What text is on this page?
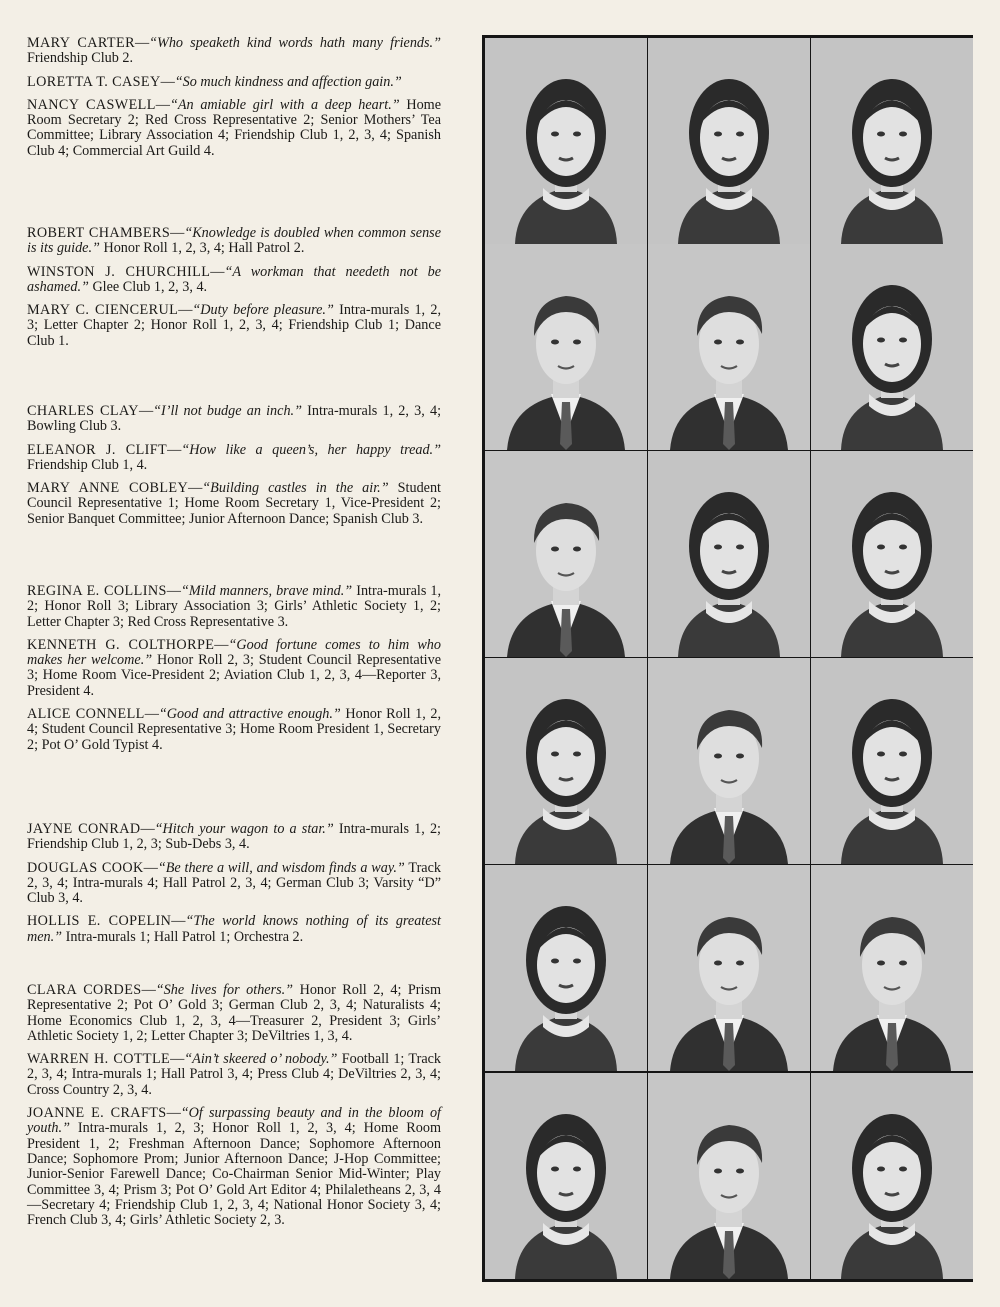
MARY CARTER—“Who speaketh kind words hath many friends.” Friendship Club 2.

LORETTA T. CASEY—“So much kindness and affection gain.”

NANCY CASWELL—“An amiable girl with a deep heart.” Home Room Secretary 2; Red Cross Representative 2; Senior Mothers’ Tea Committee; Library Association 4; Friendship Club 1, 2, 3, 4; Spanish Club 4; Commercial Art Guild 4.

ROBERT CHAMBERS—“Knowledge is doubled when common sense is its guide.” Honor Roll 1, 2, 3, 4; Hall Patrol 2.

WINSTON J. CHURCHILL—“A workman that needeth not be ashamed.” Glee Club 1, 2, 3, 4.

MARY C. CIENCERUL—“Duty before pleasure.” Intra-murals 1, 2, 3; Letter Chapter 2; Honor Roll 1, 2, 3, 4; Friendship Club 1; Dance Club 1.

CHARLES CLAY—“I’ll not budge an inch.” Intra-murals 1, 2, 3, 4; Bowling Club 3.

ELEANOR J. CLIFT—“How like a queen’s, her happy tread.” Friendship Club 1, 4.

MARY ANNE COBLEY—“Building castles in the air.” Student Council Representative 1; Home Room Secretary 1, Vice-President 2; Senior Banquet Committee; Junior Afternoon Dance; Spanish Club 3.

REGINA E. COLLINS—“Mild manners, brave mind.” Intra-murals 1, 2; Honor Roll 3; Library Association 3; Girls’ Athletic Society 1, 2; Letter Chapter 3; Red Cross Representative 3.

KENNETH G. COLTHORPE—“Good fortune comes to him who makes her welcome.” Honor Roll 2, 3; Student Council Representative 3; Home Room Vice-President 2; Aviation Club 1, 2, 3, 4—Reporter 3, President 4.

ALICE CONNELL—“Good and attractive enough.” Honor Roll 1, 2, 4; Student Council Representative 3; Home Room President 1, Secretary 2; Pot O’ Gold Typist 4.

JAYNE CONRAD—“Hitch your wagon to a star.” Intra-murals 1, 2; Friendship Club 1, 2, 3; Sub-Debs 3, 4.

DOUGLAS COOK—“Be there a will, and wisdom finds a way.” Track 2, 3, 4; Intra-murals 4; Hall Patrol 2, 3, 4; German Club 3; Varsity “D” Club 3, 4.

HOLLIS E. COPELIN—“The world knows nothing of its greatest men.” Intra-murals 1; Hall Patrol 1; Orchestra 2.

CLARA CORDES—“She lives for others.” Honor Roll 2, 4; Prism Representative 2; Pot O’ Gold 3; German Club 2, 3, 4; Naturalists 4; Home Economics Club 1, 2, 3, 4—Treasurer 2, President 3; Girls’ Athletic Society 1, 2; Letter Chapter 3; DeViltries 1, 3, 4.

WARREN H. COTTLE—“Ain’t skeered o’ nobody.” Football 1; Track 2, 3, 4; Intra-murals 1; Hall Patrol 3, 4; Press Club 4; DeViltries 2, 3, 4; Cross Country 2, 3, 4.

JOANNE E. CRAFTS—“Of surpassing beauty and in the bloom of youth.” Intra-murals 1, 2, 3; Honor Roll 1, 2, 3, 4; Home Room President 1, 2; Freshman Afternoon Dance; Sophomore Afternoon Dance; Sophomore Prom; Junior Afternoon Dance; J-Hop Committee; Junior-Senior Farewell Dance; Co-Chairman Senior Mid-Winter; Play Committee 3, 4; Prism 3; Pot O’ Gold Art Editor 4; Philaletheans 2, 3, 4—Secretary 4; Friendship Club 1, 2, 3, 4; National Honor Society 3, 4; French Club 3, 4; Girls’ Athletic Society 2, 3.
